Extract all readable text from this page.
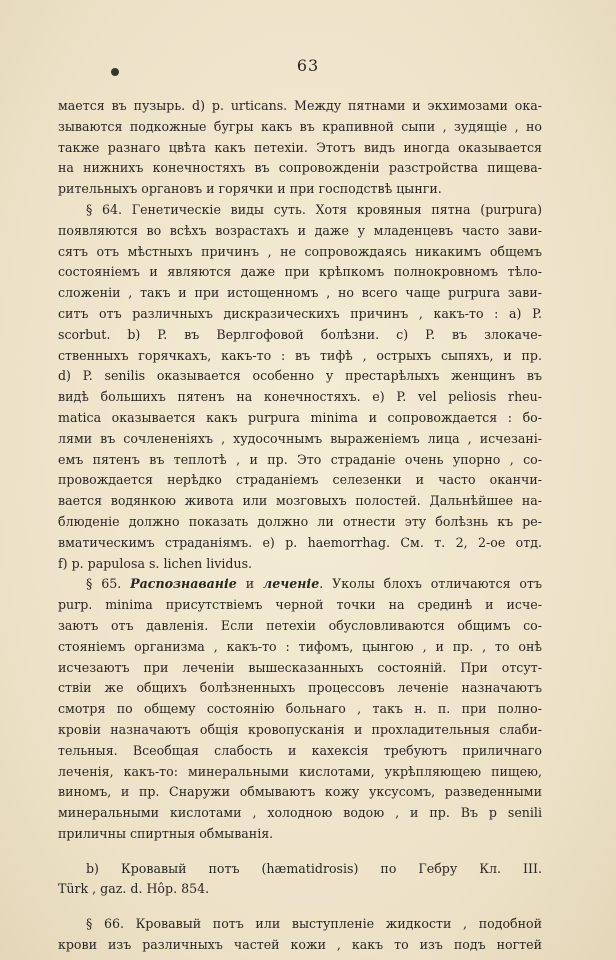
63
мается въ пузырь. d) p. urticans. Между пятнами и экхимозами ока-
зываются подкожные бугры какъ въ крапивной сыпи , зудящіе , но
также разнаго цвѣта какъ петехіи. Этотъ видъ иногда оказывается
на нижнихъ конечностяхъ въ сопровожденіи разстройства пищева-
рительныхъ органовъ и горячки и при господствѣ цынги.
§ 64. Генетическіе виды суть. Хотя кровяныя пятна (purpura)
появляются во всѣхъ возрастахъ и даже у младенцевъ часто зави-
сятъ отъ мѣстныхъ причинъ , не сопровождаясь никакимъ общемъ
состояніемъ и являются даже при крѣпкомъ полнокровномъ тѣло-
сложеніи , такъ и при истощенномъ , но всего чаще purpura зави-
ситъ отъ различныхъ дискразическихъ причинъ , какъ-то : а) P.
scorbut. b) P. въ Верлгофовой болѣзни. c) P. въ злокаче-
ственныхъ горячкахъ, какъ-то : въ тифѣ , острыхъ сыпяхъ, и пр.
d) P. senilis оказывается особенно у престарѣлыхъ женщинъ въ
видѣ большихъ пятенъ на конечностяхъ. e) P. vel peliosis rheu-
matica оказывается какъ purpura minima и сопровождается : бо-
лями въ сочлененіяхъ , худосочнымъ выраженіемъ лица , исчезані-
емъ пятенъ въ теплотѣ , и пр. Это страданіе очень упорно , со-
провождается нерѣдко страданіемъ селезенки и часто оканчи-
вается водянкою живота или мозговыхъ полостей. Дальнѣйшее на-
блюденіе должно показать должно ли отнести эту болѣзнь къ ре-
вматическимъ страданіямъ. e) p. haemorrhag. См. т. 2, 2-ое отд.
f) p. papulosa s. lichen lividus.
§ 65. Распознаваніе и леченіе. Уколы блохъ отличаются отъ
purp. minima присутствіемъ черной точки на срединѣ и исче-
заютъ отъ давленія. Если петехіи обусловливаются общимъ со-
стояніемъ организма , какъ-то : тифомъ, цынгою , и пр. , то онѣ
исчезаютъ при леченіи вышесказанныхъ состояній. При отсут-
ствіи же общихъ болѣзненныхъ процессовъ леченіе назначаютъ
смотря по общему состоянію больнаго , такъ н. п. при полно-
кровіи назначаютъ общія кровопусканія и прохладительныя слаби-
тельныя. Всеобщая слабость и кахексія требуютъ приличнаго
леченія, какъ-то: минеральными кислотами, укрѣпляющею пищею,
виномъ, и пр. Снаружи обмываютъ кожу уксусомъ, разведенными
минеральными кислотами , холодною водою , и пр. Въ p senili
приличны спиртныя обмыванія.
b) Кровавый потъ (hæmatidrosis) по Гебру Кл. III.
Türk , gaz. d. Hôp. 854.
§ 66. Кровавый потъ или выступленіе жидкости , подобной
крови изъ различныхъ частей кожи , какъ то изъ подъ ногтей
